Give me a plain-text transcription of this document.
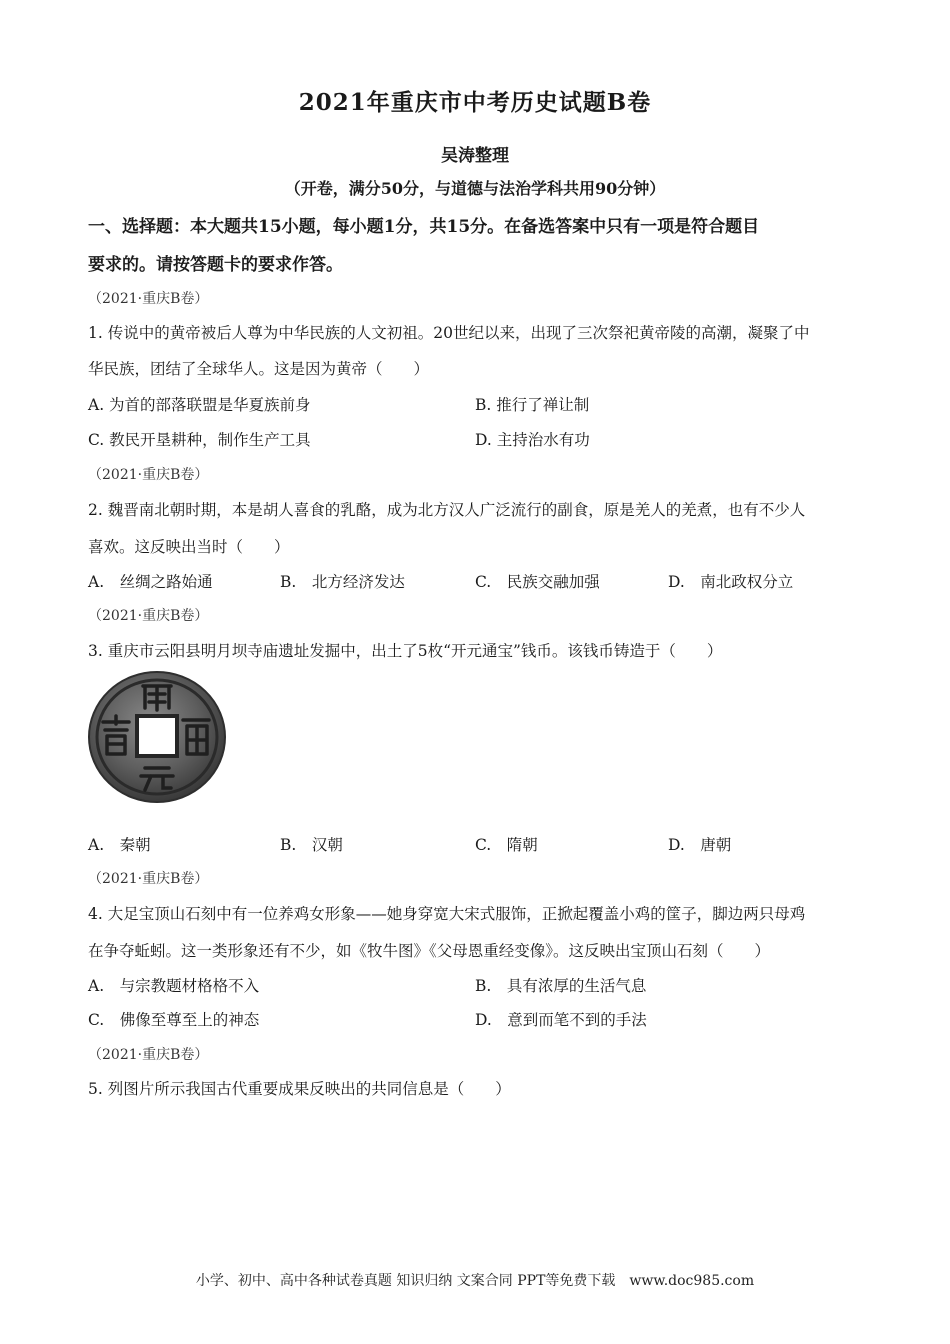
2021年重庆市中考历史试题B卷
吴涛整理
（开卷，满分50分，与道德与法治学科共用90分钟）
一、选择题：本大题共15小题，每小题1分，共15分。在备选答案中只有一项是符合题目
要求的。请按答题卡的要求作答。
（2021·重庆B卷）
1. 传说中的黄帝被后人尊为中华民族的人文初祖。20世纪以来，出现了三次祭祀黄帝陵的高潮，凝聚了中
华民族，团结了全球华人。这是因为黄帝（　　）
A. 为首的部落联盟是华夏族前身	B. 推行了禅让制
C. 教民开垦耕种，制作生产工具	D. 主持治水有功
（2021·重庆B卷）
2. 魏晋南北朝时期，本是胡人喜食的乳酪，成为北方汉人广泛流行的副食，原是羌人的羌煮，也有不少人
喜欢。这反映出当时（　　）
A.　丝绸之路始通	B.　北方经济发达	C.　民族交融加强	D.　南北政权分立
（2021·重庆B卷）
3. 重庆市云阳县明月坝寺庙遗址发掘中，出土了5枚“开元通宝”钱币。该钱币铸造于（　　）
A.　秦朝	B.　汉朝	C.　隋朝	D.　唐朝
（2021·重庆B卷）
4. 大足宝顶山石刻中有一位养鸡女形象——她身穿宽大宋式服饰，正掀起覆盖小鸡的筐子，脚边两只母鸡
在争夺蚯蚓。这一类形象还有不少，如《牧牛图》《父母恩重经变像》。这反映出宝顶山石刻（　　）
A.　与宗教题材格格不入	B.　具有浓厚的生活气息
C.　佛像至尊至上的神态	D.　意到而笔不到的手法
（2021·重庆B卷）
5. 列图片所示我国古代重要成果反映出的共同信息是（　　）
小学、初中、高中各种试卷真题 知识归纳 文案合同 PPT等免费下载　www.doc985.com
